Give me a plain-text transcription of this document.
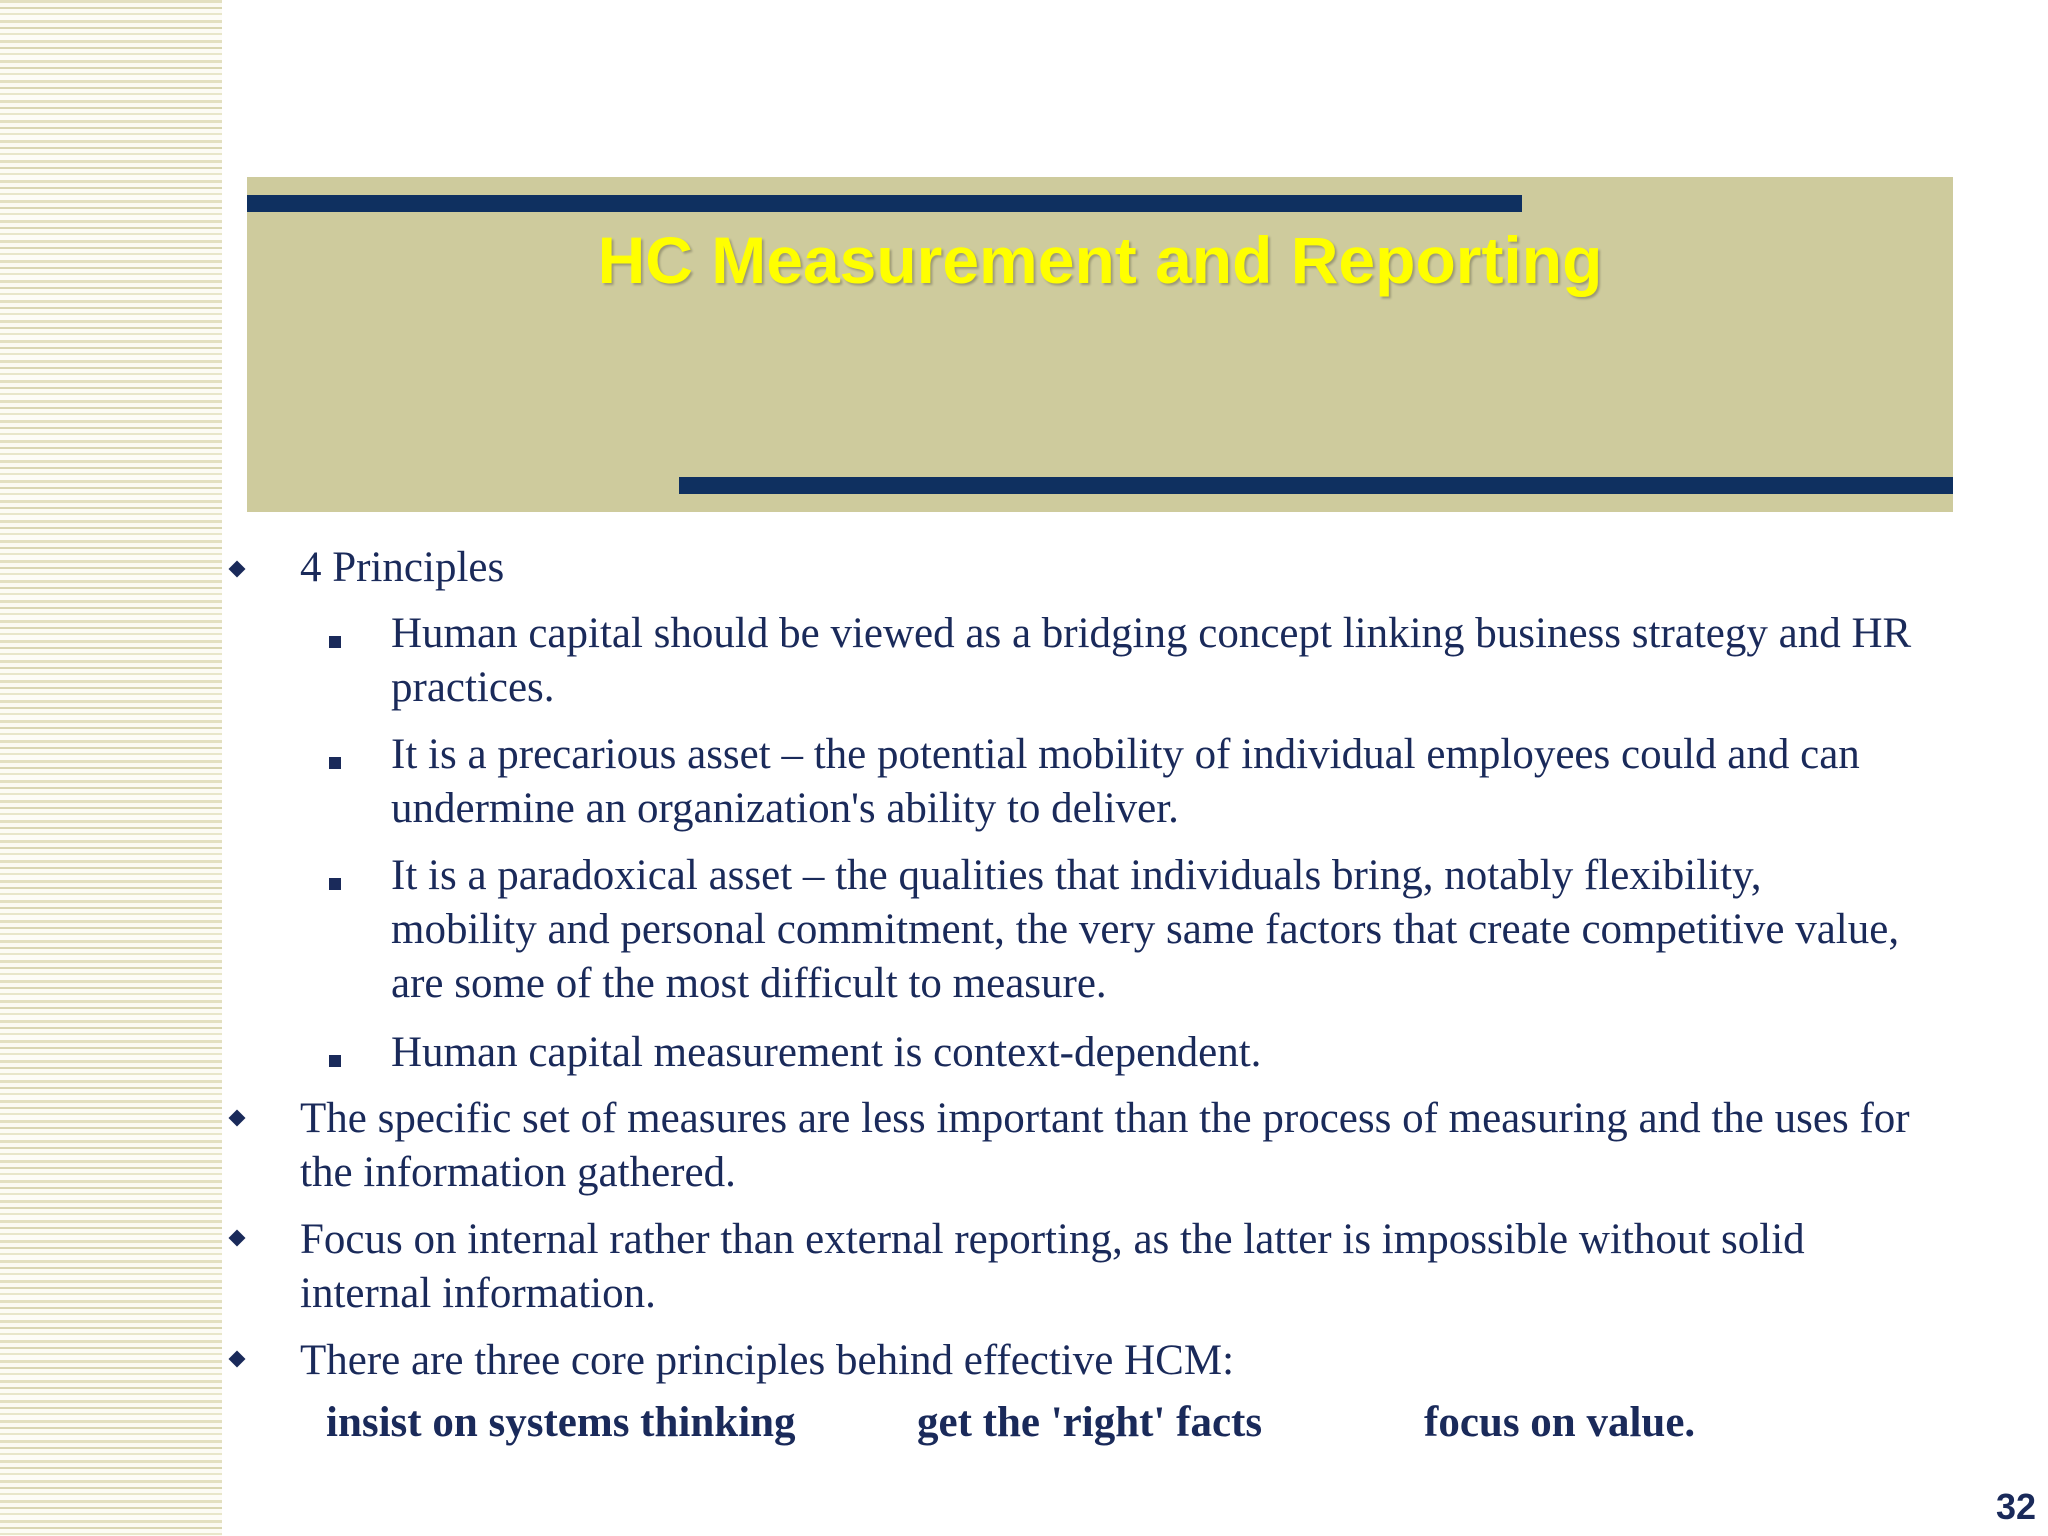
HC Measurement and Reporting
4 Principles
Human capital should be viewed as a bridging concept linking business strategy and HR practices.
It is a precarious asset – the potential mobility of individual employees could and can undermine an organization's ability to deliver.
It is a paradoxical asset – the qualities that individuals bring, notably flexibility, mobility and personal commitment, the very same factors that create competitive value, are some of the most difficult to measure.
Human capital measurement is context-dependent.
The specific set of measures are less important than the process of measuring and the uses for the information gathered.
Focus on internal rather than external reporting, as the latter is impossible without solid internal information.
There are three core principles behind effective HCM:
insist on systems thinking	get the 'right' facts	focus on value.
32
